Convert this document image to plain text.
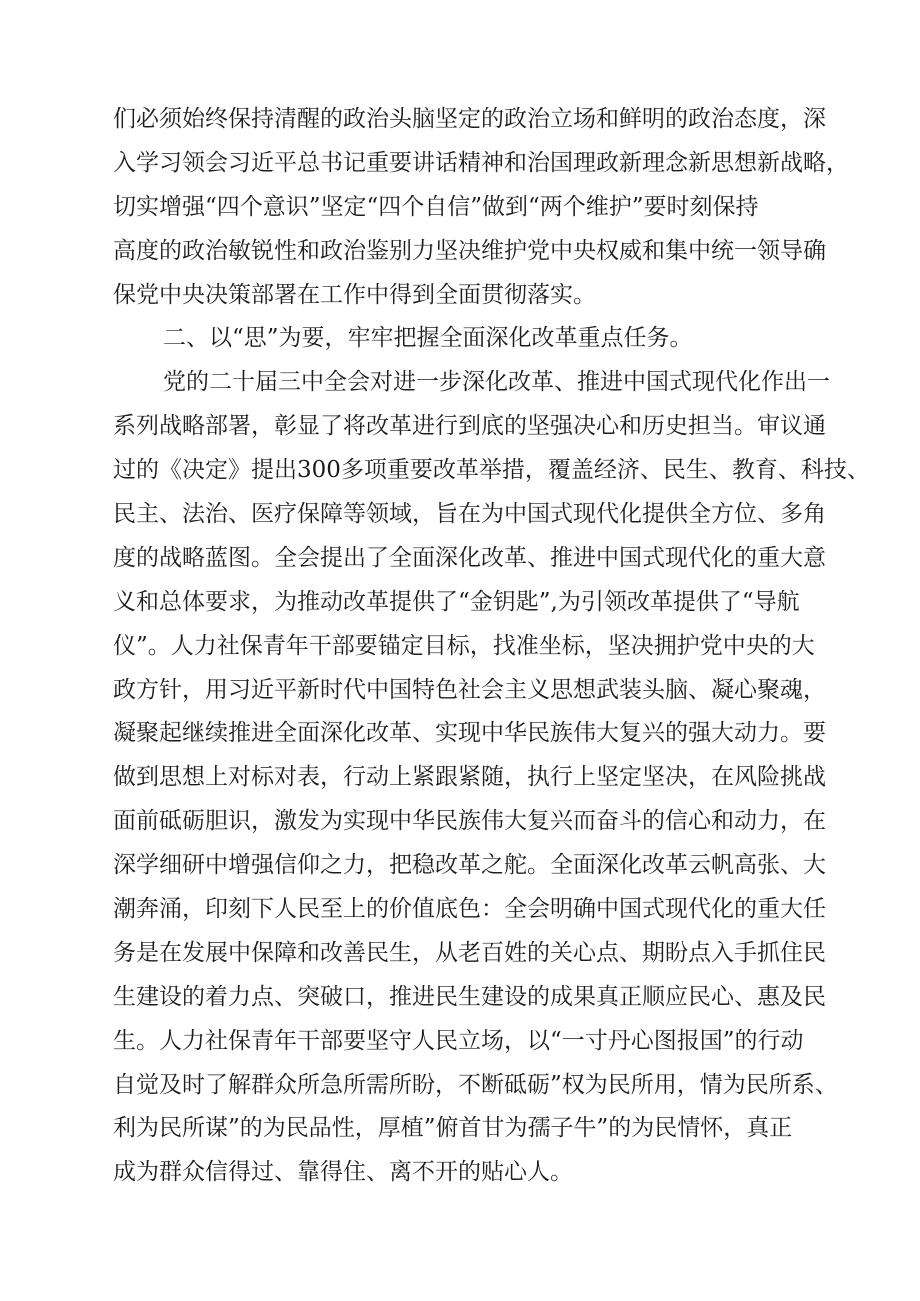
们必须始终保持清醒的政治头脑坚定的政治立场和鲜明的政治态度，深
入学习领会习近平总书记重要讲话精神和治国理政新理念新思想新战略，
切实增强“四个意识”坚定“四个自信”做到“两个维护”要时刻保持
高度的政治敏锐性和政治鉴别力坚决维护党中央权威和集中统一领导确
保党中央决策部署在工作中得到全面贯彻落实。
二、以“思”为要，牢牢把握全面深化改革重点任务。
党的二十届三中全会对进一步深化改革、推进中国式现代化作出一
系列战略部署，彰显了将改革进行到底的坚强决心和历史担当。审议通
过的《决定》提出300多项重要改革举措，覆盖经济、民生、教育、科技、
民主、法治、医疗保障等领域，旨在为中国式现代化提供全方位、多角
度的战略蓝图。全会提出了全面深化改革、推进中国式现代化的重大意
义和总体要求，为推动改革提供了“金钥匙”,为引领改革提供了“导航
仪”。人力社保青年干部要锚定目标，找准坐标，坚决拥护党中央的大
政方针，用习近平新时代中国特色社会主义思想武装头脑、凝心聚魂，
凝聚起继续推进全面深化改革、实现中华民族伟大复兴的强大动力。要
做到思想上对标对表，行动上紧跟紧随，执行上坚定坚决，在风险挑战
面前砥砺胆识，激发为实现中华民族伟大复兴而奋斗的信心和动力，在
深学细研中增强信仰之力，把稳改革之舵。全面深化改革云帆高张、大
潮奔涌，印刻下人民至上的价值底色：全会明确中国式现代化的重大任
务是在发展中保障和改善民生，从老百姓的关心点、期盼点入手抓住民
生建设的着力点、突破口，推进民生建设的成果真正顺应民心、惠及民
生。人力社保青年干部要坚守人民立场，以“一寸丹心图报国”的行动
自觉及时了解群众所急所需所盼，不断砥砺”权为民所用，情为民所系、
利为民所谋”的为民品性，厚植”俯首甘为孺子牛”的为民情怀，真正
成为群众信得过、靠得住、离不开的贴心人。
